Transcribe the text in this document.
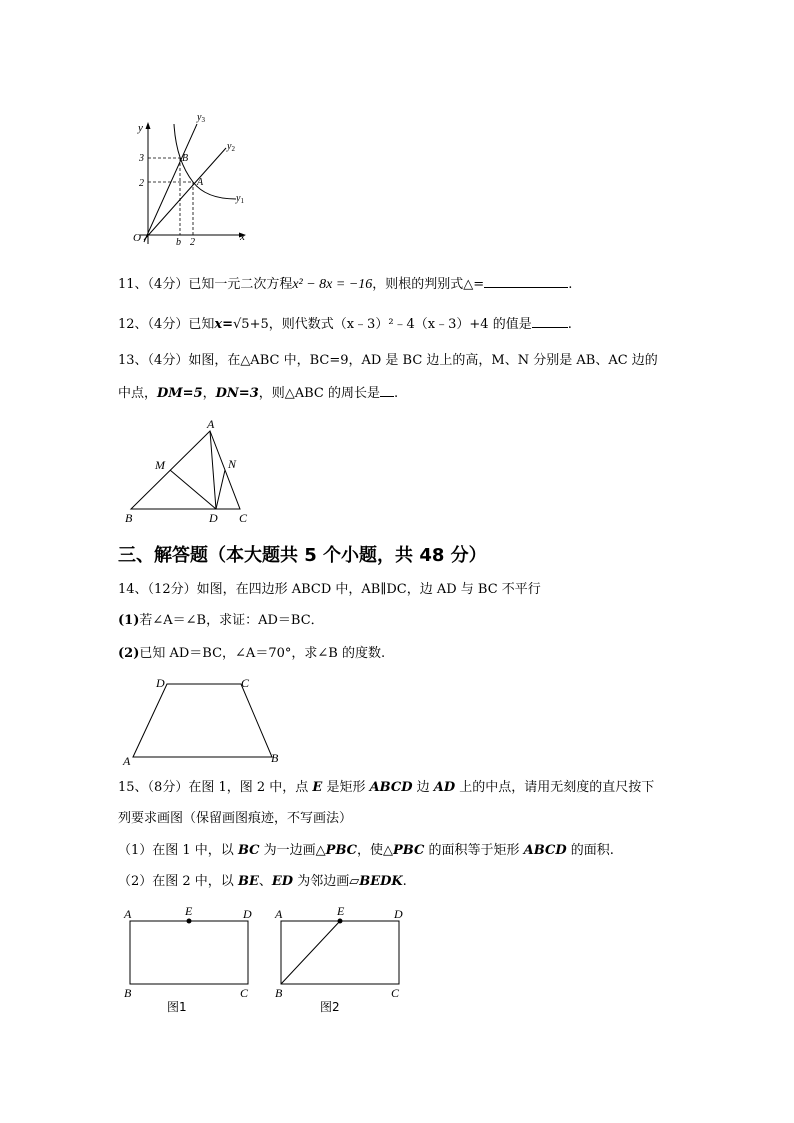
y
x
O
$y_3$
$y_2$
$y_1$
B
A
3
2
b 2
11、（4分）已知一元二次方程x² − 8x = −16，则根的判别式△=	.
12、（4分）已知x=√5+5，则代数式（x﹣3）²﹣4（x﹣3）+4 的值是	.
13、（4分）如图，在△ABC 中，BC=9，AD 是 BC 边上的高，M、N 分别是 AB、AC 边的
中点，DM=5，DN=3，则△ABC 的周长是 .
A
B	C
D
M	N
三、解答题（本大题共 5 个小题，共 48 分）
14、（12分）如图，在四边形 ABCD 中，AB∥DC，边 AD 与 BC 不平行
(1)若∠A＝∠B，求证：AD＝BC．
(2)已知 AD＝BC，∠A＝70°，求∠B 的度数.
A	B
C
D
15、（8分）在图 1，图 2 中，点 E 是矩形 ABCD 边 AD 上的中点，请用无刻度的直尺按下
列要求画图（保留画图痕迹，不写画法）
（1）在图 1 中，以 BC 为一边画△PBC，使△PBC 的面积等于矩形 ABCD 的面积.
（2）在图 2 中，以 BE、ED 为邻边画▱BEDK.
A	E	D
B	C
图1
A	E	D
B	C
图2
